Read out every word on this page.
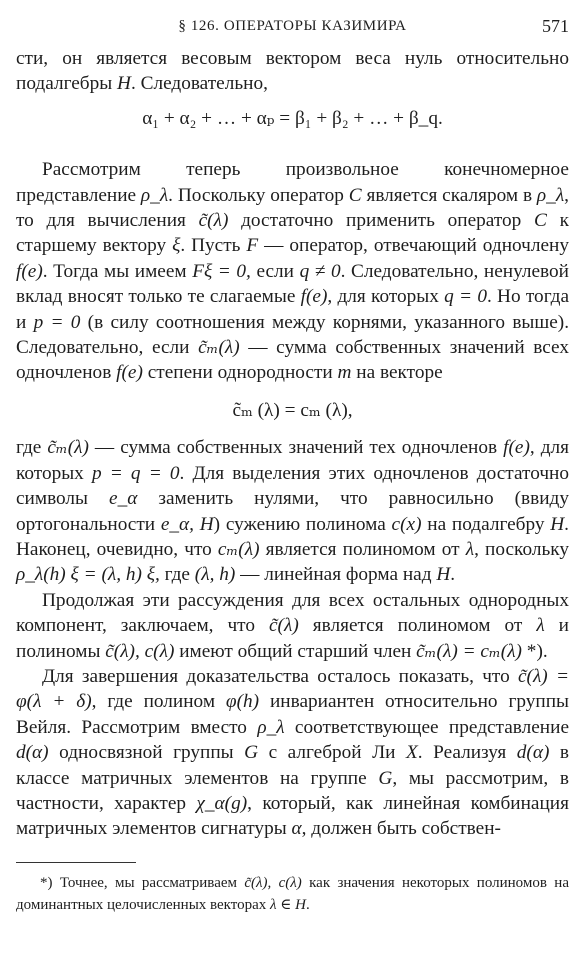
§ 126. ОПЕРАТОРЫ КАЗИМИРА	571

сти, он является весовым вектором веса нуль относительно подалгебры H. Следовательно,

α₁ + α₂ + … + αₚ = β₁ + β₂ + … + β_q.

Рассмотрим теперь произвольное конечномерное представление ρ_λ. Поскольку оператор C является скаляром в ρ_λ, то для вычисления c̃(λ) достаточно применить оператор C к старшему вектору ξ. Пусть F — оператор, отвечающий одночлену f(e). Тогда мы имеем Fξ = 0, если q ≠ 0. Следовательно, ненулевой вклад вносят только те слагаемые f(e), для которых q = 0. Но тогда и p = 0 (в силу соотношения между корнями, указанного выше). Следовательно, если c̃ₘ(λ) — сумма собственных значений всех одночленов f(e) степени однородности m на векторе

c̃ₘ (λ) = cₘ (λ),

где c̃ₘ(λ) — сумма собственных значений тех одночленов f(e), для которых p = q = 0. Для выделения этих одночленов достаточно символы e_α заменить нулями, что равносильно (ввиду ортогональности e_α, H) сужению полинома c(x) на подалгебру H. Наконец, очевидно, что cₘ(λ) является полиномом от λ, поскольку ρ_λ(h) ξ = (λ, h) ξ, где (λ, h) — линейная форма над H.

Продолжая эти рассуждения для всех остальных однородных компонент, заключаем, что c̃(λ) является полиномом от λ и полиномы c̃(λ), c(λ) имеют общий старший член c̃ₘ(λ) = cₘ(λ) *).

Для завершения доказательства осталось показать, что c̃(λ) = φ(λ + δ), где полином φ(h) инвариантен относительно группы Вейля. Рассмотрим вместо ρ_λ соответствующее представление d(α) односвязной группы G с алгеброй Ли X. Реализуя d(α) в классе матричных элементов на группе G, мы рассмотрим, в частности, характер χ_α(g), который, как линейная комбинация матричных элементов сигнатуры α, должен быть собствен-

*) Точнее, мы рассматриваем c̃(λ), c(λ) как значения некоторых полиномов на доминантных целочисленных векторах λ ∈ H.
